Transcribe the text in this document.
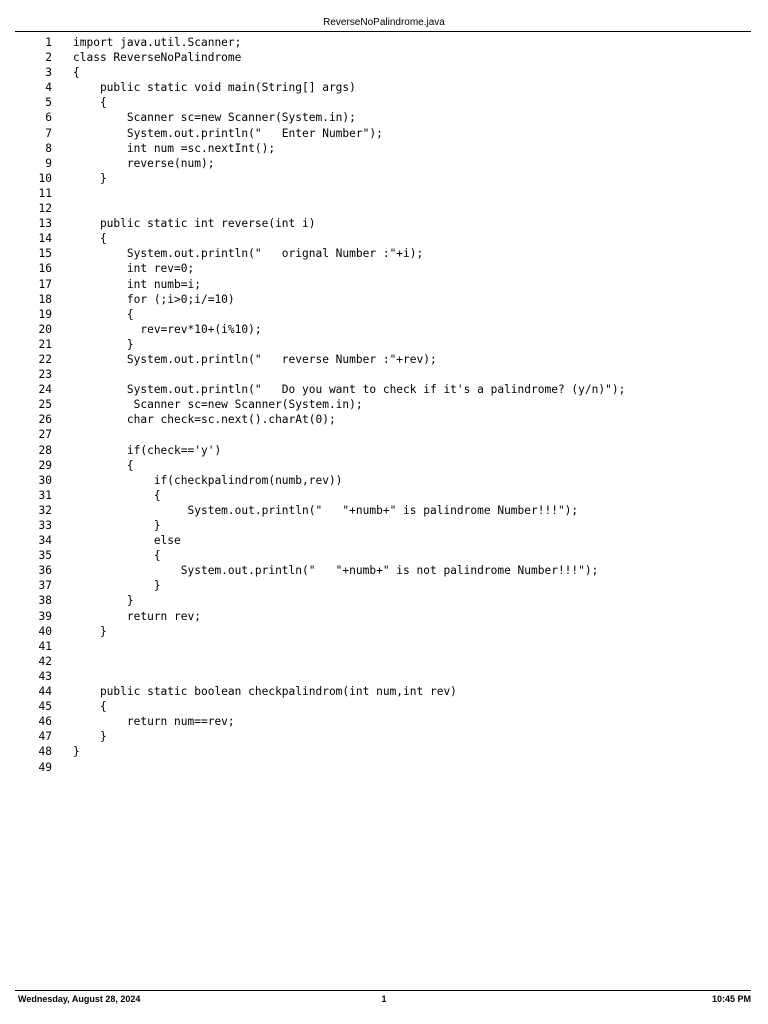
ReverseNoPalindrome.java
1 import java.util.Scanner;
2 class ReverseNoPalindrome
3 {
4 public static void main(String[] args)
5 {
6 Scanner sc=new Scanner(System.in);
7 System.out.println("   Enter Number");
8 int num =sc.nextInt();
9 reverse(num);
10 }
11
12
13 public static int reverse(int i)
14 {
15 System.out.println("   orignal Number :"+i);
16 int rev=0;
17 int numb=i;
18 for (;i>0;i/=10)
19 {
20 rev=rev*10+(i%10);
21 }
22 System.out.println("   reverse Number :"+rev);
23
24 System.out.println("   Do you want to check if it's a palindrome? (y/n)");
25 Scanner sc=new Scanner(System.in);
26 char check=sc.next().charAt(0);
27
28 if(check=='y')
29 {
30 if(checkpalindrom(numb,rev))
31 {
32 System.out.println("   "+numb+" is palindrome Number!!!");
33 }
34 else
35 {
36 System.out.println("   "+numb+" is not palindrome Number!!!");
37 }
38 }
39 return rev;
40 }
41
42
43
44 public static boolean checkpalindrom(int num,int rev)
45 {
46 return num==rev;
47 }
48 }
49
Wednesday, August 28, 2024	1	10:45 PM
